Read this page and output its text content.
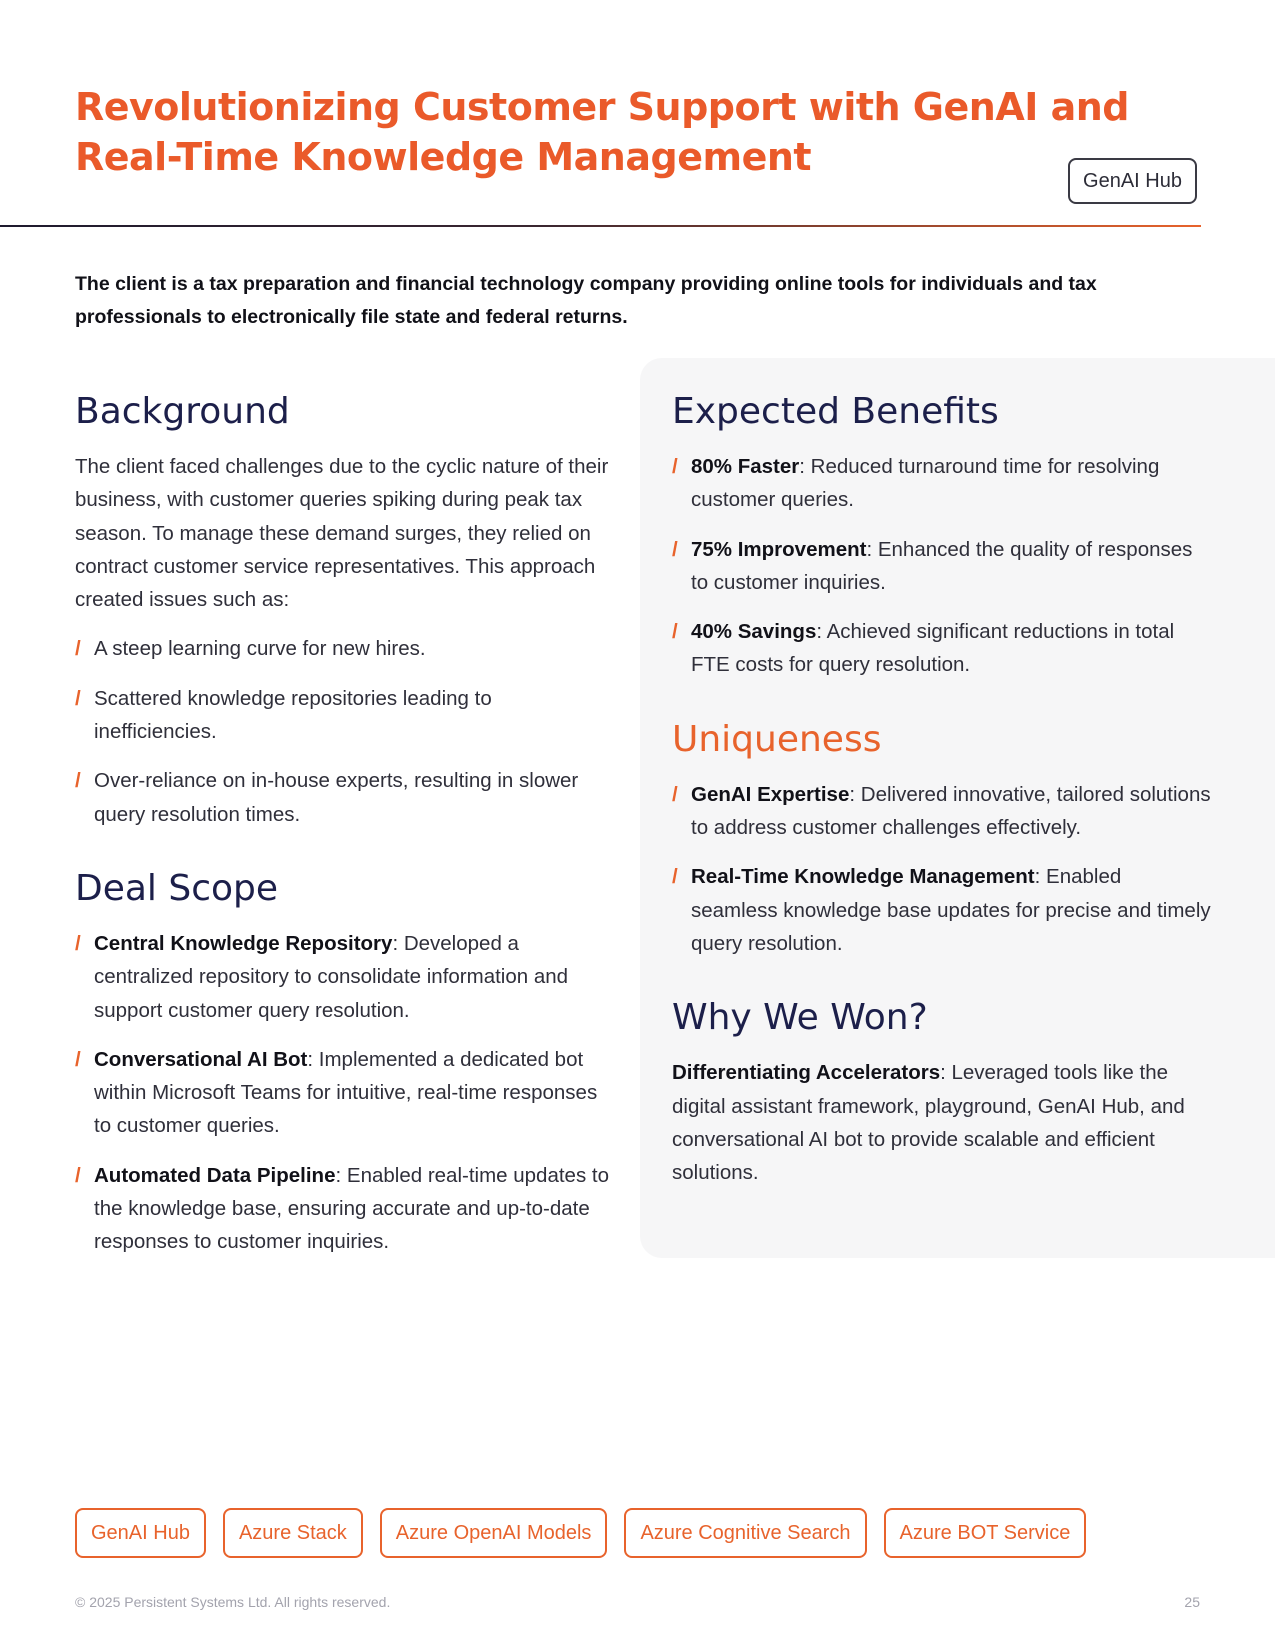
Revolutionizing Customer Support with GenAI and Real-Time Knowledge Management
GenAI Hub

The client is a tax preparation and financial technology company providing online tools for individuals and tax professionals to electronically file state and federal returns.

Background

The client faced challenges due to the cyclic nature of their business, with customer queries spiking during peak tax season. To manage these demand surges, they relied on contract customer service representatives. This approach created issues such as:

/ A steep learning curve for new hires.
/ Scattered knowledge repositories leading to inefficiencies.
/ Over-reliance on in-house experts, resulting in slower query resolution times.
Deal Scope
/ Central Knowledge Repository: Developed a centralized repository to consolidate information and support customer query resolution.
/ Conversational AI Bot: Implemented a dedicated bot within Microsoft Teams for intuitive, real-time responses to customer queries.
/ Automated Data Pipeline: Enabled real-time updates to the knowledge base, ensuring accurate and up-to-date responses to customer inquiries.
Expected Benefits
/ 80% Faster: Reduced turnaround time for resolving customer queries.
/ 75% Improvement: Enhanced the quality of responses to customer inquiries.
/ 40% Savings: Achieved significant reductions in total FTE costs for query resolution.
Uniqueness
/ GenAI Expertise: Delivered innovative, tailored solutions to address customer challenges effectively.
/ Real-Time Knowledge Management: Enabled seamless knowledge base updates for precise and timely query resolution.
Why We Won?

Differentiating Accelerators: Leveraged tools like the digital assistant framework, playground, GenAI Hub, and conversational AI bot to provide scalable and efficient solutions.

GenAI Hub	Azure Stack	Azure OpenAI Models	Azure Cognitive Search	Azure BOT Service
© 2025 Persistent Systems Ltd. All rights reserved.	25
